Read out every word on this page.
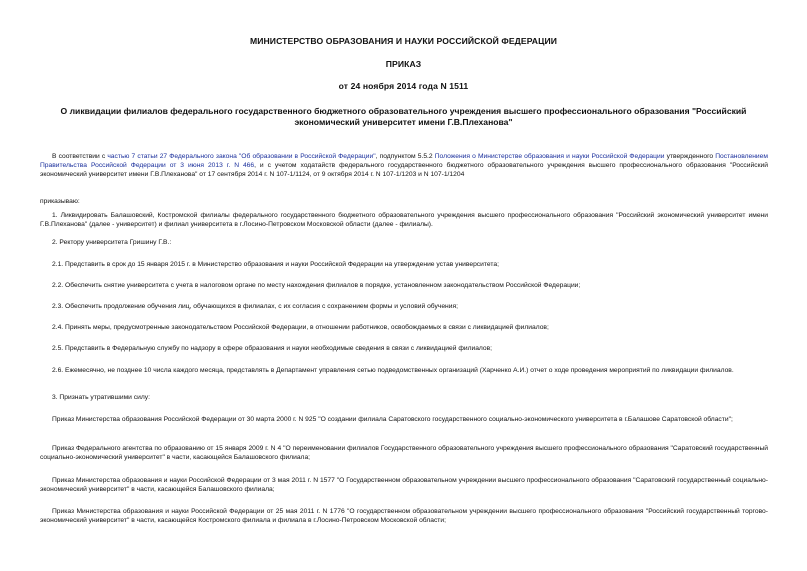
МИНИСТЕРСТВО ОБРАЗОВАНИЯ И НАУКИ РОССИЙСКОЙ ФЕДЕРАЦИИ
ПРИКАЗ
от 24 ноября 2014 года N 1511
О ликвидации филиалов федерального государственного бюджетного образовательного учреждения высшего профессионального образования "Российский экономический университет имени Г.В.Плеханова"
В соответствии с частью 7 статьи 27 Федерального закона "Об образовании в Российской Федерации", подпунктом 5.5.2 Положения о Министерстве образования и науки Российской Федерации утвержденного Постановлением Правительства Российской Федерации от 3 июня 2013 г. N 466, и с учетом ходатайств федерального государственного бюджетного образовательного учреждения высшего профессионального образования "Российский экономический университет имени Г.В.Плеханова" от 17 сентября 2014 г. N 107-1/1124, от 9 октября 2014 г. N 107-1/1203 и N 107-1/1204
приказываю:
1. Ликвидировать Балашовский, Костромской филиалы федерального государственного бюджетного образовательного учреждения высшего профессионального образования "Российский экономический университет имени Г.В.Плеханова" (далее - университет) и филиал университета в г.Лосино-Петровском Московской области (далее - филиалы).
2. Ректору университета Гришину Г.В.:
2.1. Представить в срок до 15 января 2015 г. в Министерство образования и науки Российской Федерации на утверждение устав университета;
2.2. Обеспечить снятие университета с учета в налоговом органе по месту нахождения филиалов в порядке, установленном законодательством Российской Федерации;
2.3. Обеспечить продолжение обучения лиц, обучающихся в филиалах, с их согласия с сохранением формы и условий обучения;
2.4. Принять меры, предусмотренные законодательством Российской Федерации, в отношении работников, освобождаемых в связи с ликвидацией филиалов;
2.5. Представить в Федеральную службу по надзору в сфере образования и науки необходимые сведения в связи с ликвидацией филиалов;
2.6. Ежемесячно, не позднее 10 числа каждого месяца, представлять в Департамент управления сетью подведомственных организаций (Харченко А.И.) отчет о ходе проведения мероприятий по ликвидации филиалов.
3. Признать утратившими силу:
Приказ Министерства образования Российской Федерации от 30 марта 2000 г. N 925 "О создании филиала Саратовского государственного социально-экономического университета в г.Балашове Саратовской области";
Приказ Федерального агентства по образованию от 15 января 2009 г. N 4 "О переименовании филиалов Государственного образовательного учреждения высшего профессионального образования "Саратовский государственный социально-экономический университет" в части, касающейся Балашовского филиала;
Приказ Министерства образования и науки Российской Федерации от 3 мая 2011 г. N 1577 "О Государственном образовательном учреждении высшего профессионального образования "Саратовский государственный социально-экономический университет" в части, касающейся Балашовского филиала;
Приказ Министерства образования и науки Российской Федерации от 25 мая 2011 г. N 1776 "О государственном образовательном учреждении высшего профессионального образования "Российский государственный торгово-экономический университет" в части, касающейся Костромского филиала и филиала в г.Лосино-Петровском Московской области;
